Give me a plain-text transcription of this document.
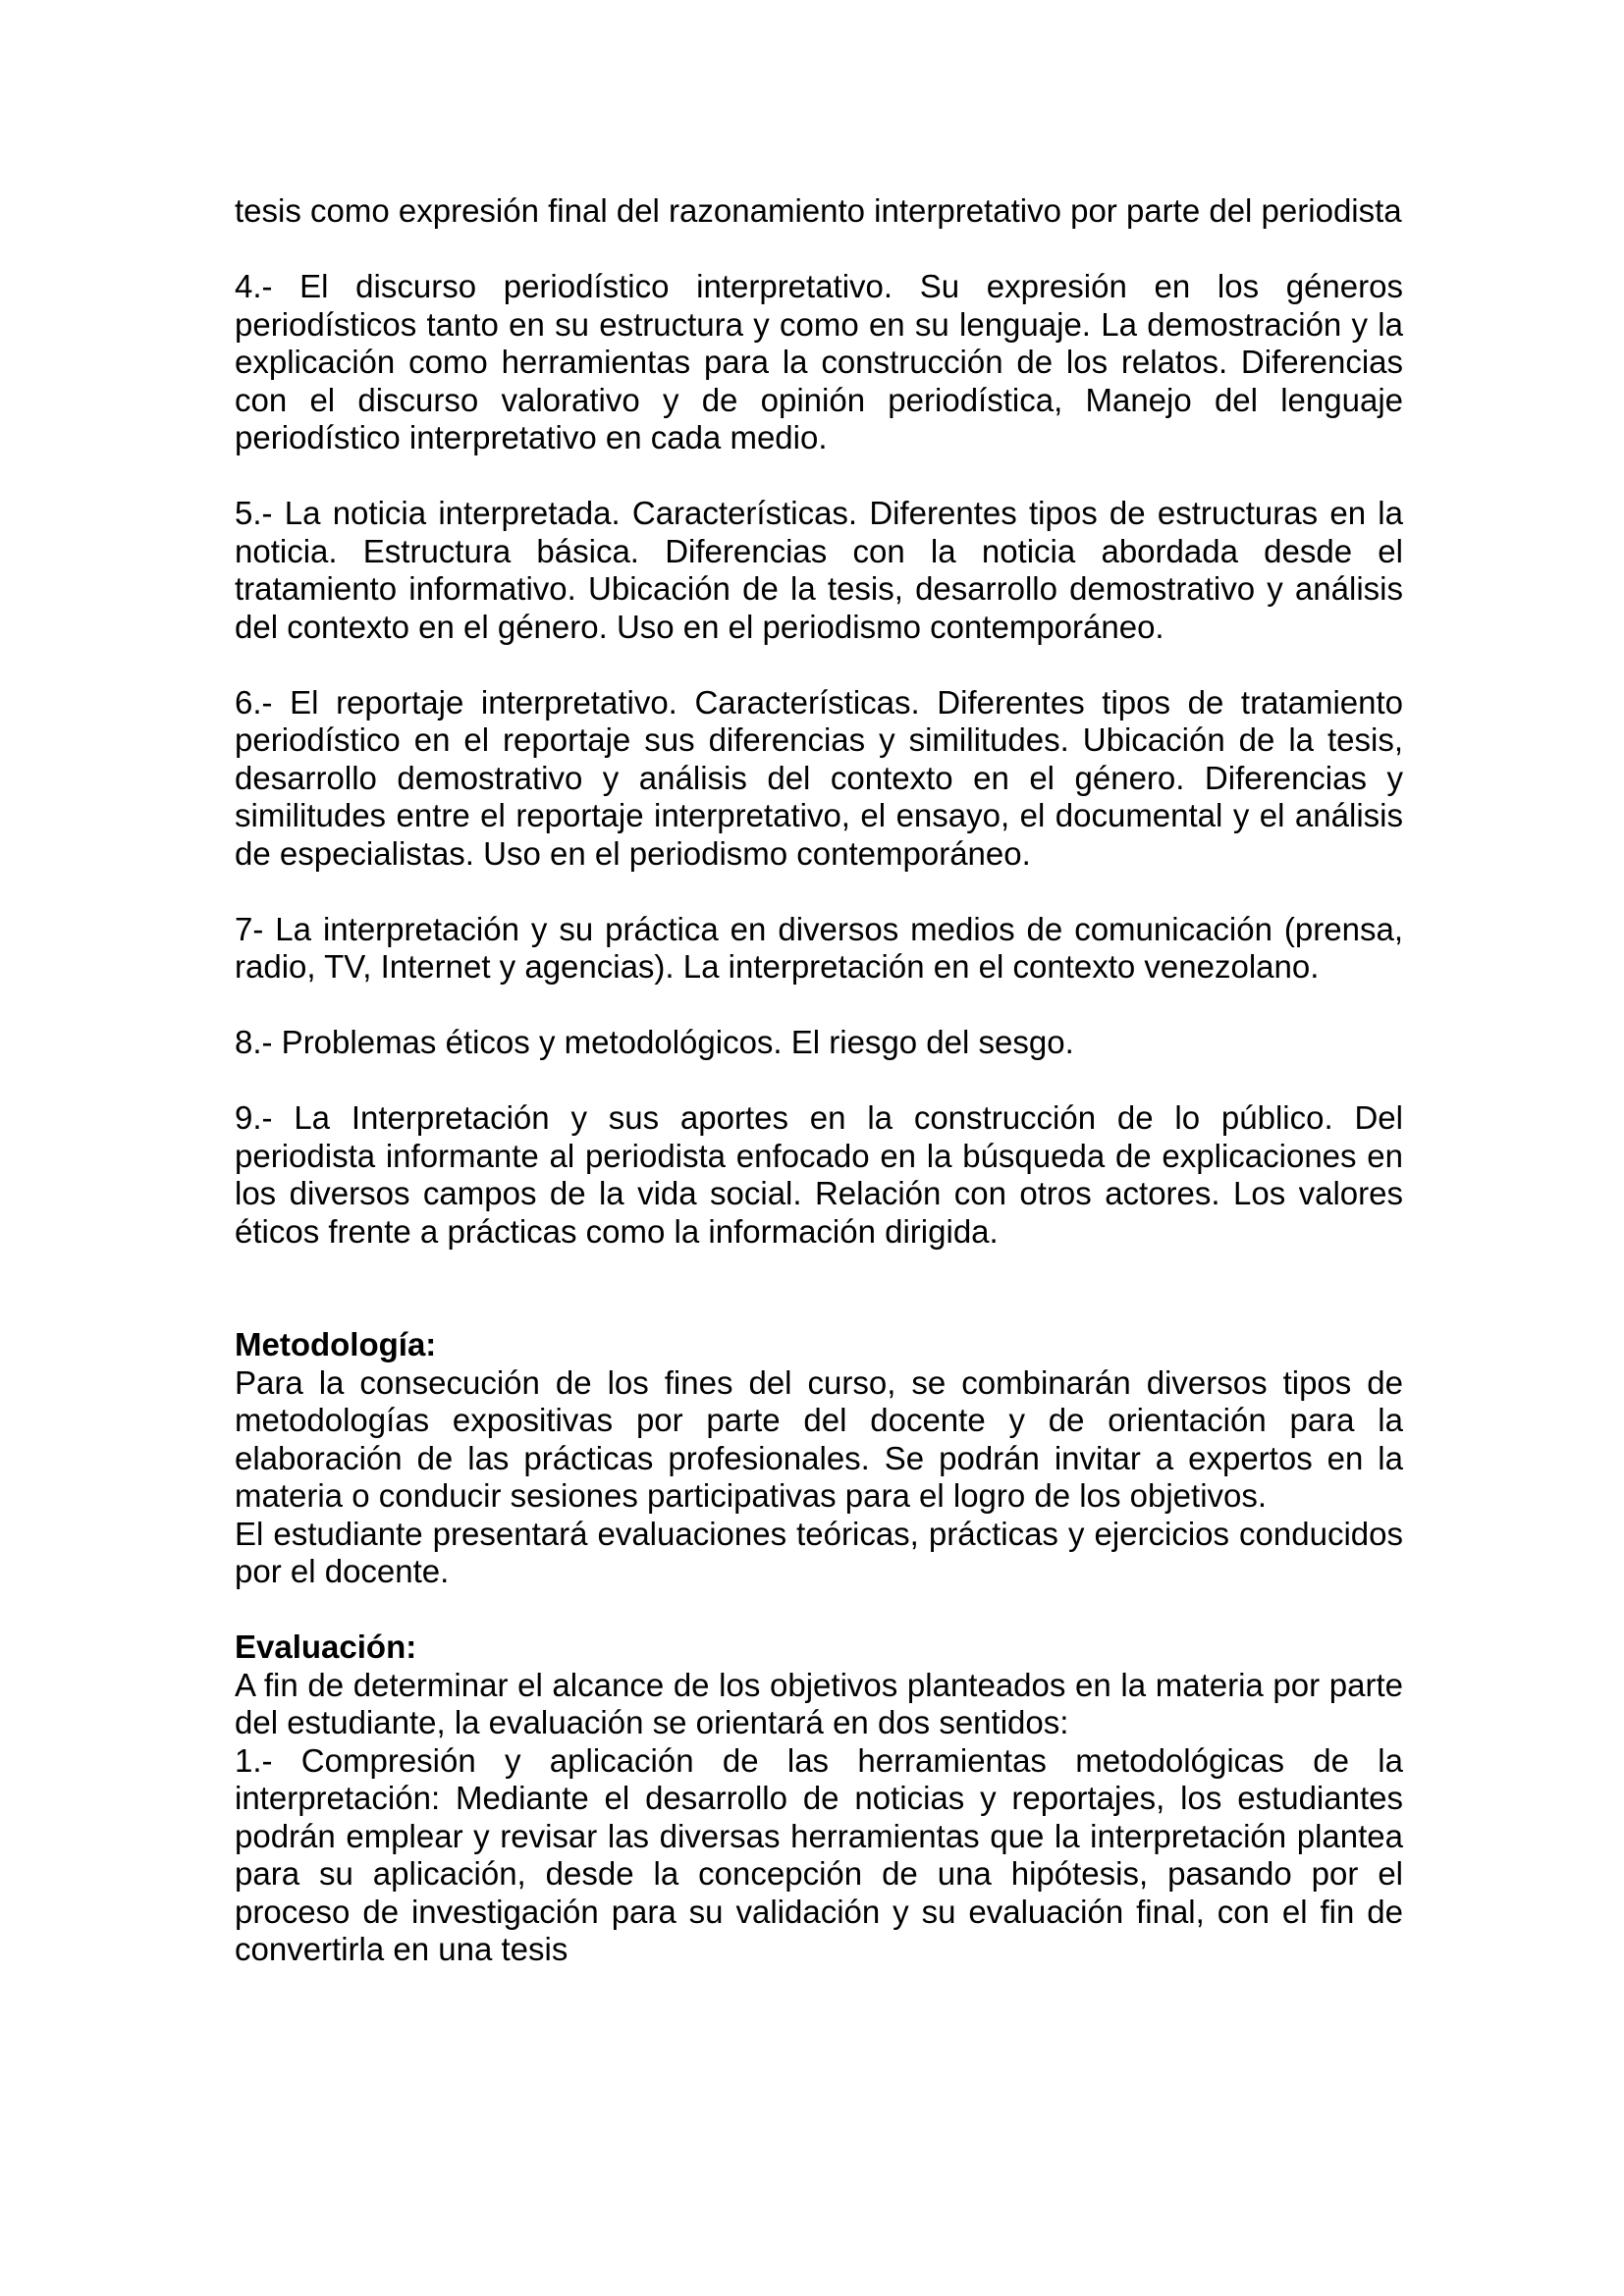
tesis como expresión final del razonamiento interpretativo por parte del periodista

4.- El discurso periodístico interpretativo. Su expresión en los géneros periodísticos tanto en su estructura y como en su lenguaje. La demostración y la explicación como herramientas para la construcción de los relatos. Diferencias con el discurso valorativo y de opinión periodística, Manejo del lenguaje periodístico interpretativo en cada medio.

5.- La noticia interpretada. Características. Diferentes tipos de estructuras en la noticia. Estructura básica. Diferencias con la noticia abordada desde el tratamiento informativo. Ubicación de la tesis, desarrollo demostrativo y análisis del contexto en el género. Uso en el periodismo contemporáneo.

6.- El reportaje interpretativo. Características. Diferentes tipos de tratamiento periodístico en el reportaje sus diferencias y similitudes. Ubicación de la tesis, desarrollo demostrativo y análisis del contexto en el género. Diferencias y similitudes entre el reportaje interpretativo, el ensayo, el documental y el análisis de especialistas. Uso en el periodismo contemporáneo.

7- La interpretación y su práctica en diversos medios de comunicación (prensa, radio, TV, Internet y agencias). La interpretación en el contexto venezolano.

8.- Problemas éticos y metodológicos. El riesgo del sesgo.

9.- La Interpretación y sus aportes en la construcción de lo público. Del periodista informante al periodista enfocado en la búsqueda de explicaciones en los diversos campos de la vida social. Relación con otros actores. Los valores éticos frente a prácticas como la información dirigida.

Metodología:

Para la consecución de los fines del curso, se combinarán diversos tipos de metodologías expositivas por parte del docente y de orientación para la elaboración de las prácticas profesionales. Se podrán invitar a expertos en la materia o conducir sesiones participativas para el logro de los objetivos.

El estudiante presentará evaluaciones teóricas, prácticas y ejercicios conducidos por el docente.

Evaluación:

A fin de determinar el alcance de los objetivos planteados en la materia por parte del estudiante, la evaluación se orientará en dos sentidos:

1.- Compresión y aplicación de las herramientas metodológicas de la interpretación: Mediante el desarrollo de noticias y reportajes, los estudiantes podrán emplear y revisar las diversas herramientas que la interpretación plantea para su aplicación, desde la concepción de una hipótesis, pasando por el proceso de investigación para su validación y su evaluación final, con el fin de convertirla en una tesis
